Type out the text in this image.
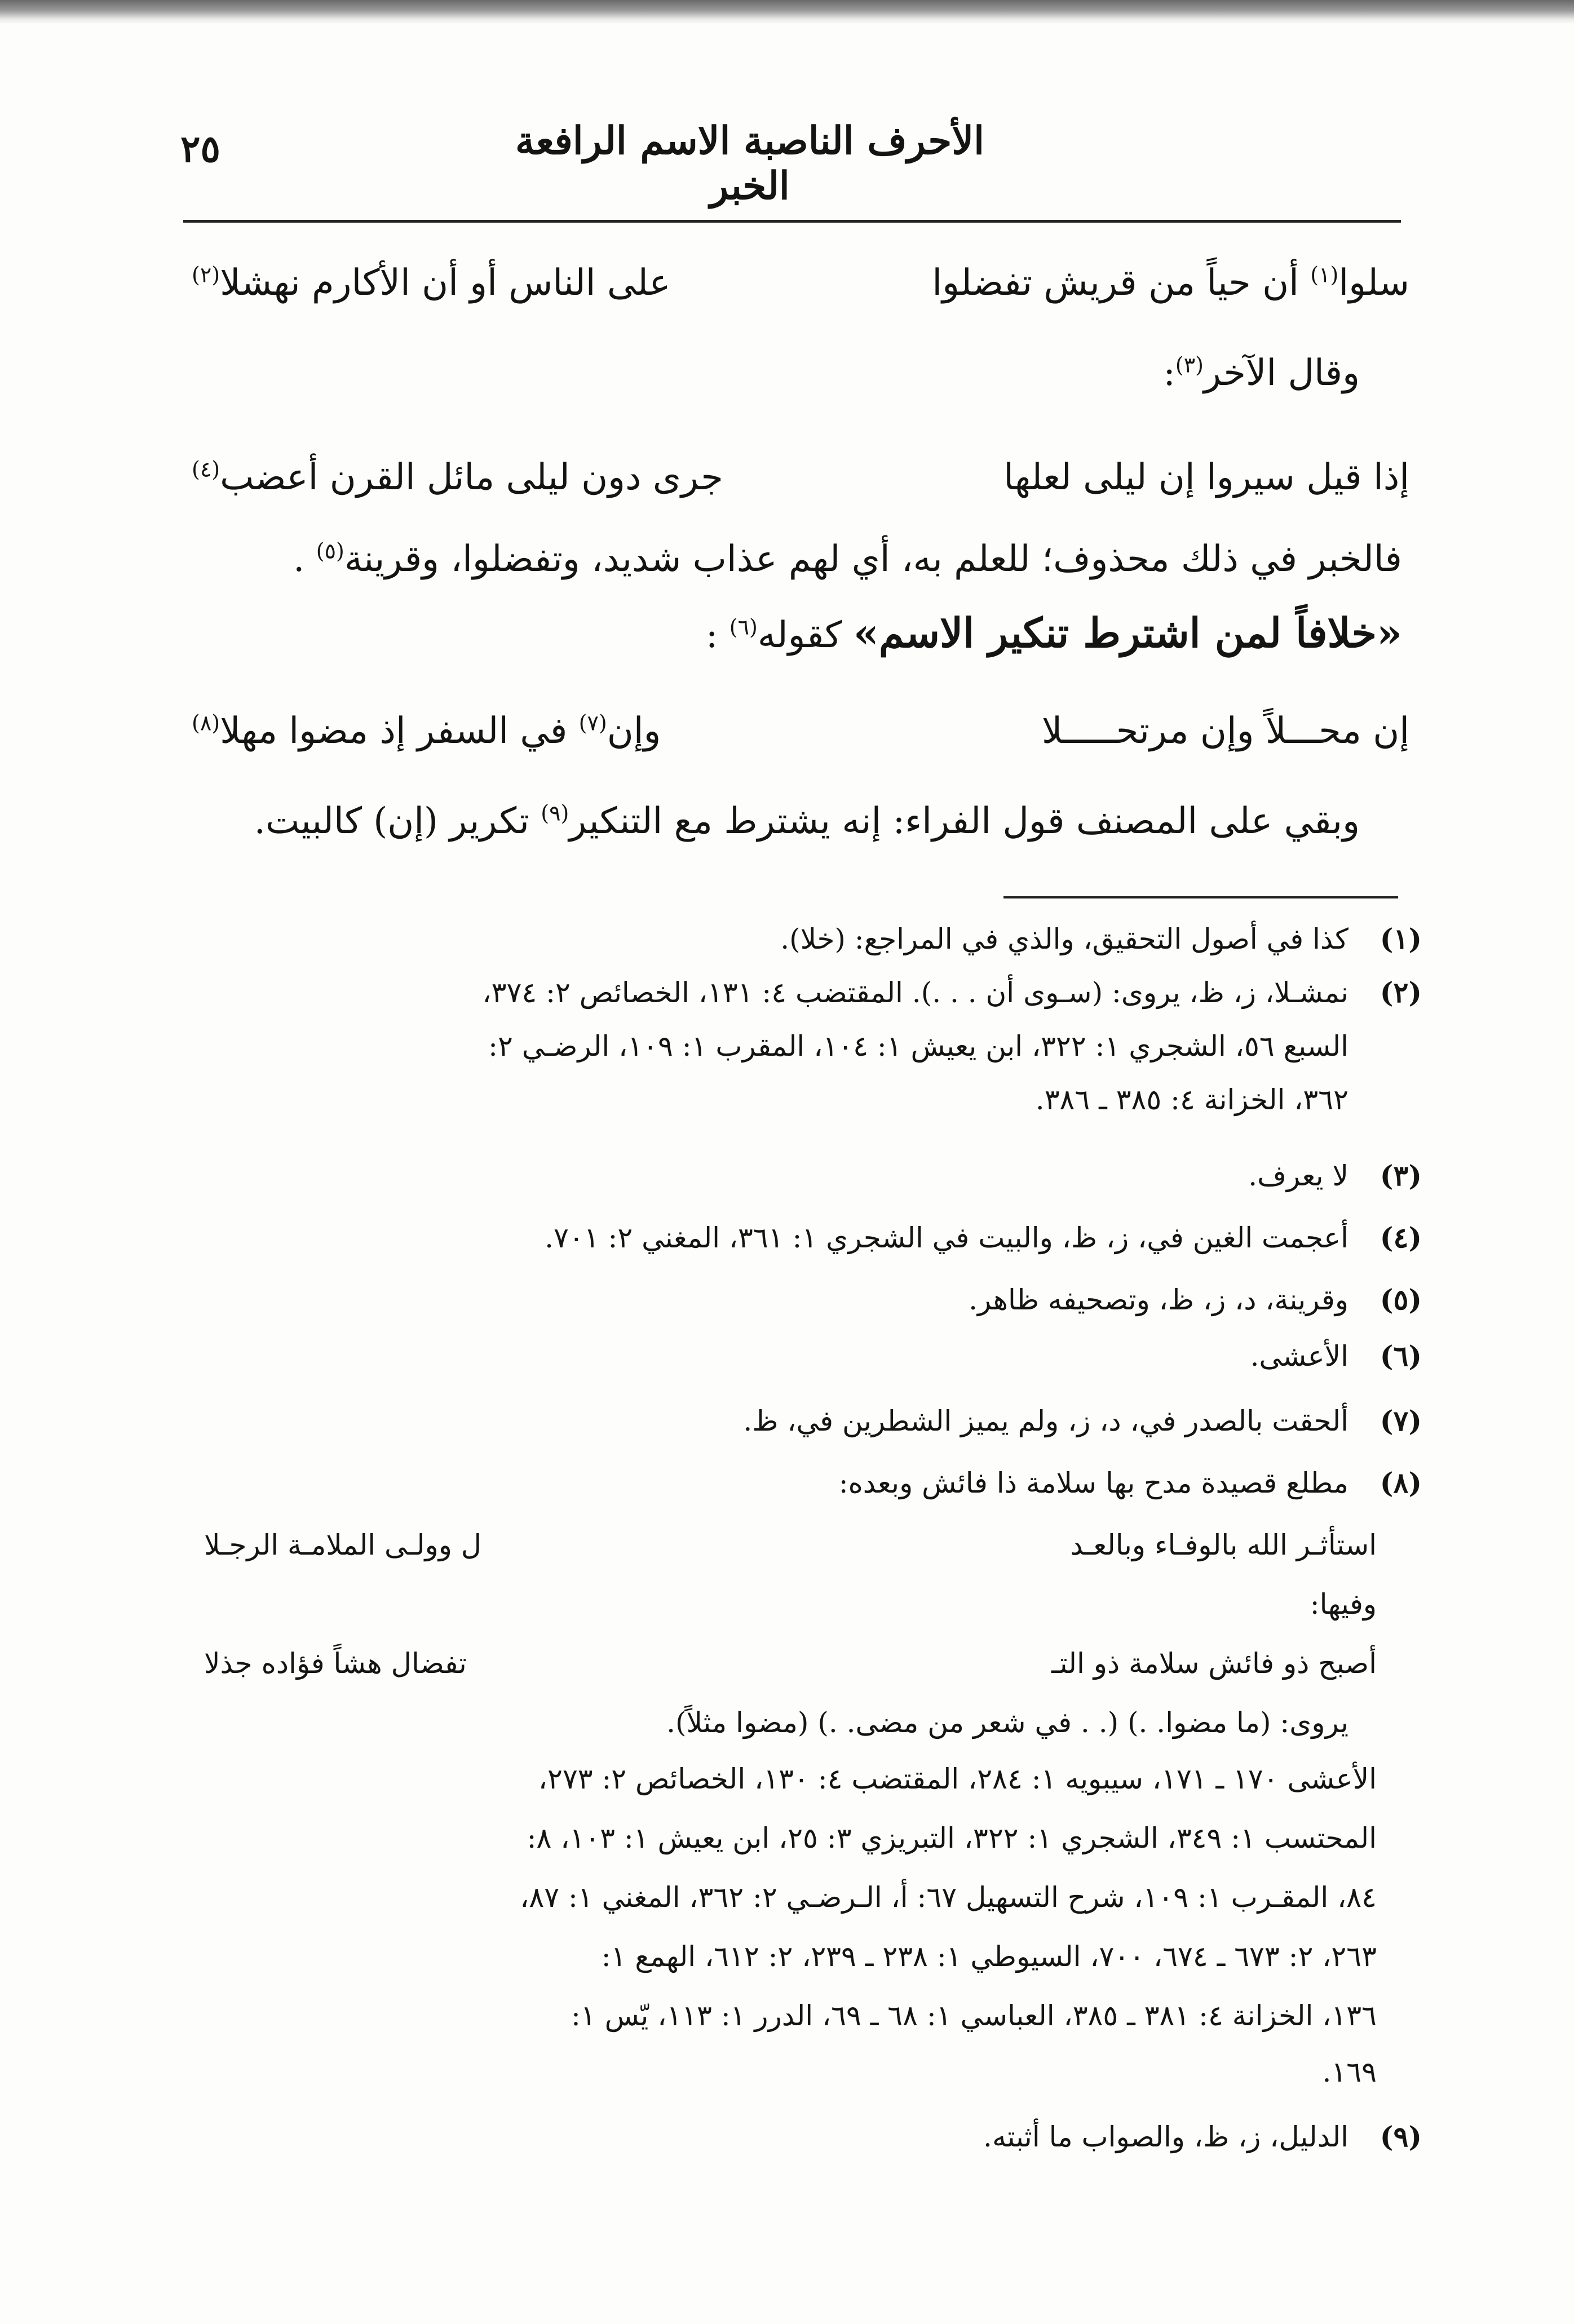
٢٥	الأحرف الناصبة الاسم الرافعة الخبر
سلوا$^{(١)}$ أن حياً من قريش تفضلوا
على الناس أو أن الأكارم نهشلا$^{(٢)}$
وقال الآخر$^{(٣)}$:
إذا قيل سيروا إن ليلى لعلها
جرى دون ليلى مائل القرن أعضب$^{(٤)}$
فالخبر في ذلك محذوف؛ للعلم به، أي لهم عذاب شديد، وتفضلوا، وقرينة$^{(٥)}$ .
«خلافاً لمن اشترط تنكير الاسم» كقوله$^{(٦)}$ :
إن محـــلاً وإن مرتحـــــلا
وإن$^{(٧)}$ في السفر إذ مضوا مهلا$^{(٨)}$
وبقي على المصنف قول الفراء: إنه يشترط مع التنكير$^{(٩)}$ تكرير (إن) كالبيت.
(١)
كذا في أصول التحقيق، والذي في المراجع: (خلا).
(٢)
نمشـلا، ز، ظ، يروى: (سـوى أن . . .). المقتضب ٤: ١٣١، الخصائص ٢: ٣٧٤،
السبع ٥٦، الشجري ١: ٣٢٢، ابن يعيش ١: ١٠٤، المقرب ١: ١٠٩، الرضـي ٢:
٣٦٢، الخزانة ٤: ٣٨٥ ـ ٣٨٦.
(٣)
لا يعرف.
(٤)
أعجمت الغين في، ز، ظ، والبيت في الشجري ١: ٣٦١، المغني ٢: ٧٠١.
(٥)
وقرينة، د، ز، ظ، وتصحيفه ظاهر.
(٦)
الأعشى.
(٧)
ألحقت بالصدر في، د، ز، ولم يميز الشطرين في، ظ.
(٨)
مطلع قصيدة مدح بها سلامة ذا فائش وبعده:
استأثـر الله بالوفـاء وبالعـد
ل وولـى الملامـة الرجـلا
وفيها:
أصبح ذو فائش سلامة ذو التـ
تفضال هشاً فؤاده جذلا
يروى: (ما مضوا. .) (. . في شعر من مضى. .) (مضوا مثلاً).
الأعشى ١٧٠ ـ ١٧١، سيبويه ١: ٢٨٤، المقتضب ٤: ١٣٠، الخصائص ٢: ٢٧٣،
المحتسب ١: ٣٤٩، الشجري ١: ٣٢٢، التبريزي ٣: ٢٥، ابن يعيش ١: ١٠٣، ٨:
٨٤، المقـرب ١: ١٠٩، شرح التسهيل ٦٧: أ، الـرضـي ٢: ٣٦٢، المغني ١: ٨٧،
٢٦٣، ٢: ٦٧٣ ـ ٦٧٤، ٧٠٠، السيوطي ١: ٢٣٨ ـ ٢٣٩، ٢: ٦١٢، الهمع ١:
١٣٦، الخزانة ٤: ٣٨١ ـ ٣٨٥، العباسي ١: ٦٨ ـ ٦٩، الدرر ١: ١١٣، يّس ١:
١٦٩.
(٩)
الدليل، ز، ظ، والصواب ما أثبته.
